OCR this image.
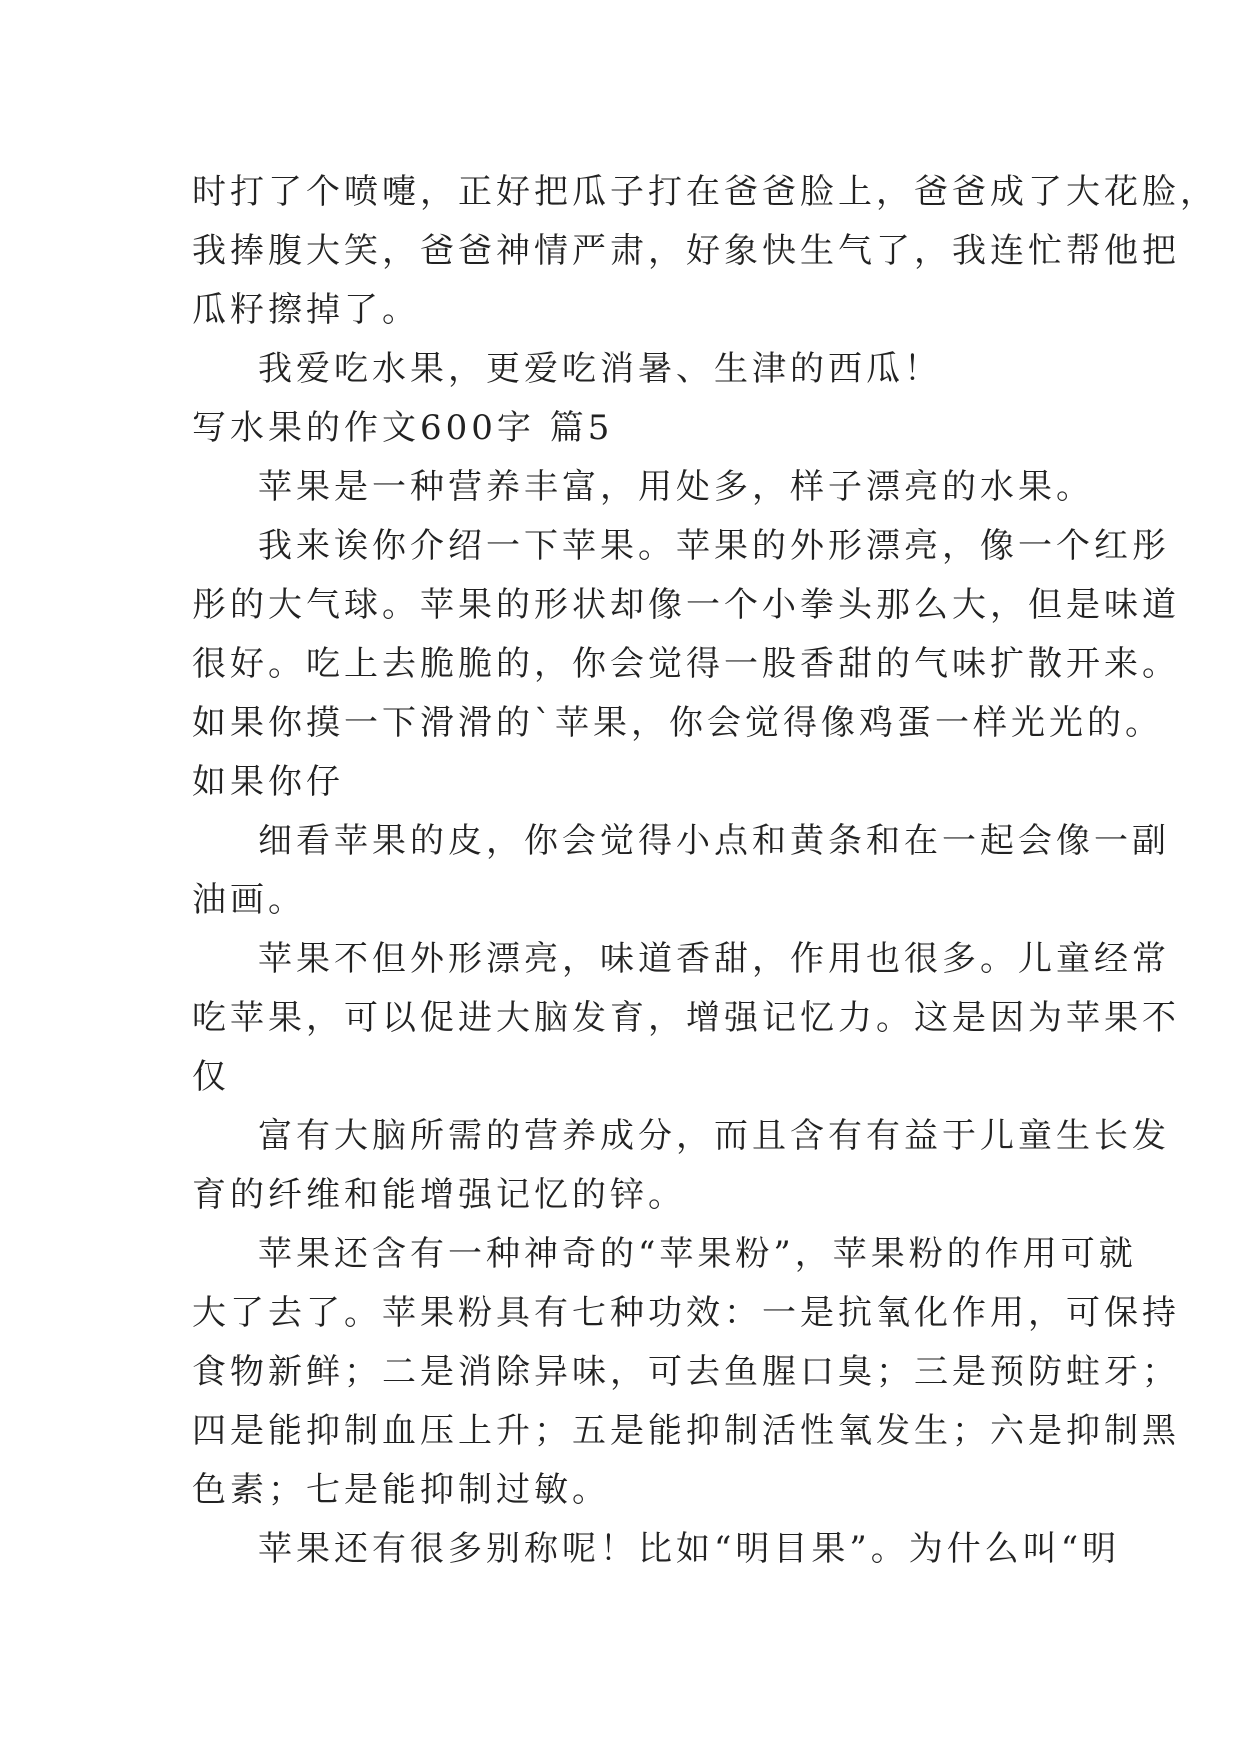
时打了个喷嚏，正好把瓜子打在爸爸脸上，爸爸成了大花脸，
我捧腹大笑，爸爸神情严肃，好象快生气了，我连忙帮他把
瓜籽擦掉了。
我爱吃水果，更爱吃消暑、生津的西瓜！
写水果的作文600字 篇5
苹果是一种营养丰富，用处多，样子漂亮的水果。
我来诶你介绍一下苹果。苹果的外形漂亮，像一个红彤
彤的大气球。苹果的形状却像一个小拳头那么大，但是味道
很好。吃上去脆脆的，你会觉得一股香甜的气味扩散开来。
如果你摸一下滑滑的`苹果，你会觉得像鸡蛋一样光光的。
如果你仔
细看苹果的皮，你会觉得小点和黄条和在一起会像一副
油画。
苹果不但外形漂亮，味道香甜，作用也很多。儿童经常
吃苹果，可以促进大脑发育，增强记忆力。这是因为苹果不
仅
富有大脑所需的营养成分，而且含有有益于儿童生长发
育的纤维和能增强记忆的锌。
苹果还含有一种神奇的“苹果粉”，苹果粉的作用可就
大了去了。苹果粉具有七种功效：一是抗氧化作用，可保持
食物新鲜；二是消除异味，可去鱼腥口臭；三是预防蛀牙；
四是能抑制血压上升；五是能抑制活性氧发生；六是抑制黑
色素；七是能抑制过敏。
苹果还有很多别称呢！比如“明目果”。为什么叫“明
